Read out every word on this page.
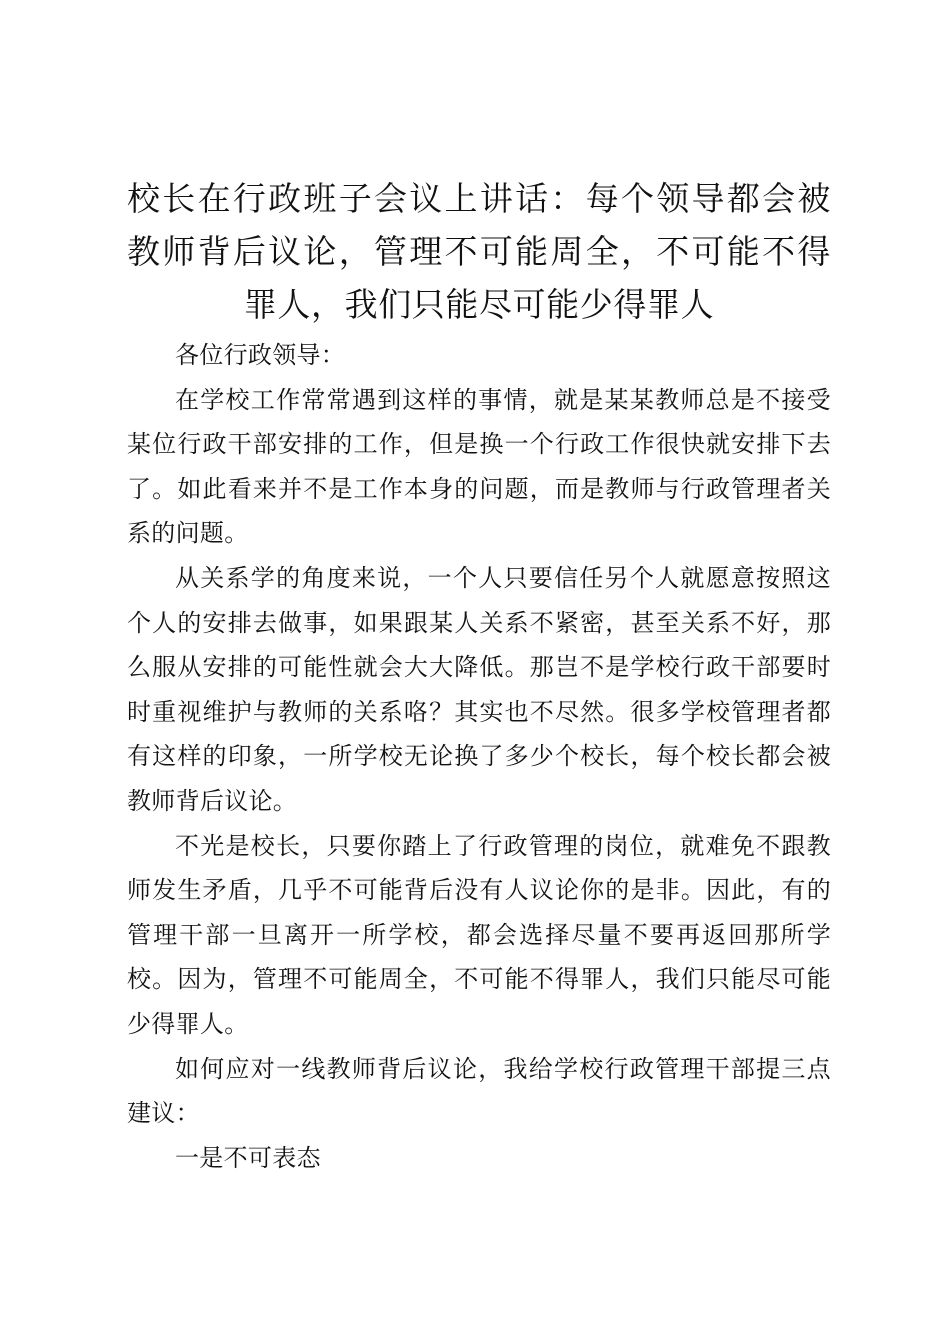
校长在行政班子会议上讲话：每个领导都会被教师背后议论，管理不可能周全，不可能不得罪人，我们只能尽可能少得罪人

各位行政领导：

在学校工作常常遇到这样的事情，就是某某教师总是不接受某位行政干部安排的工作，但是换一个行政工作很快就安排下去了。如此看来并不是工作本身的问题，而是教师与行政管理者关系的问题。

从关系学的角度来说，一个人只要信任另个人就愿意按照这个人的安排去做事，如果跟某人关系不紧密，甚至关系不好，那么服从安排的可能性就会大大降低。那岂不是学校行政干部要时时重视维护与教师的关系咯？其实也不尽然。很多学校管理者都有这样的印象，一所学校无论换了多少个校长，每个校长都会被教师背后议论。

不光是校长，只要你踏上了行政管理的岗位，就难免不跟教师发生矛盾，几乎不可能背后没有人议论你的是非。因此，有的管理干部一旦离开一所学校，都会选择尽量不要再返回那所学校。因为，管理不可能周全，不可能不得罪人，我们只能尽可能少得罪人。

如何应对一线教师背后议论，我给学校行政管理干部提三点建议：

一是不可表态
